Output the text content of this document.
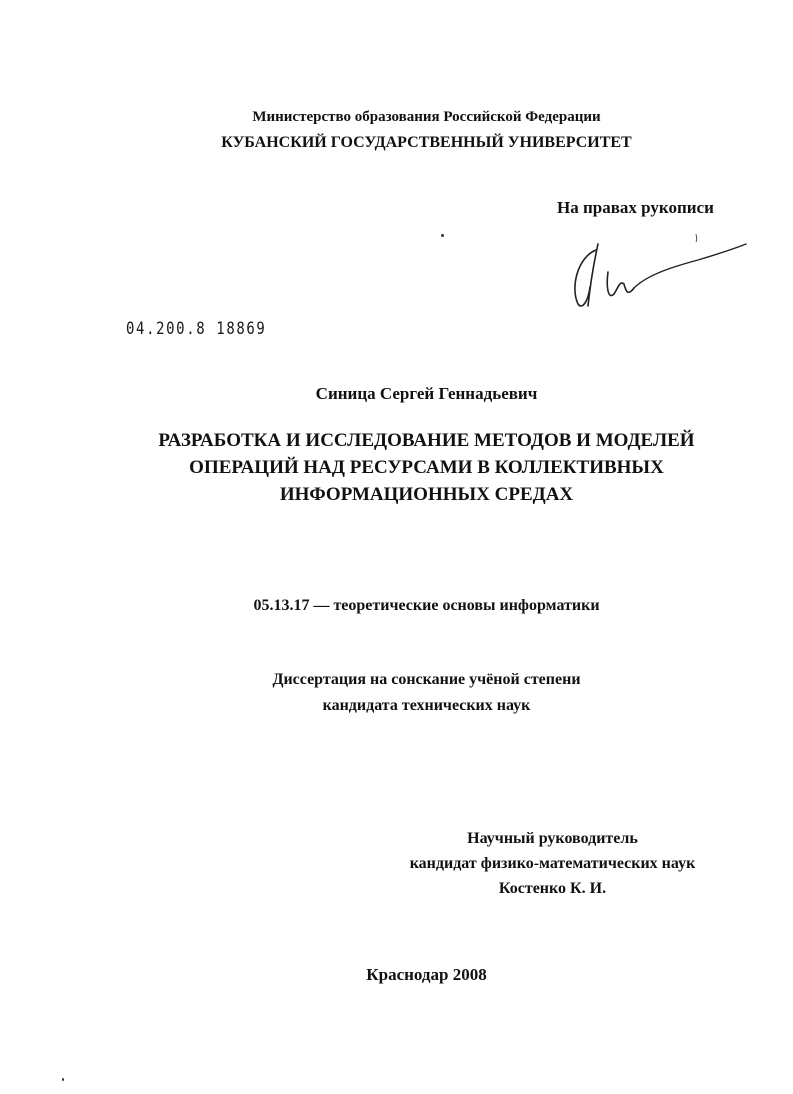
Министерство образования Российской Федерации
КУБАНСКИЙ ГОСУДАРСТВЕННЫЙ УНИВЕРСИТЕТ
На правах рукописи
04.200.8 18869
Синица Сергей Геннадьевич
РАЗРАБОТКА И ИССЛЕДОВАНИЕ МЕТОДОВ И МОДЕЛЕЙ
ОПЕРАЦИЙ НАД РЕСУРСАМИ В КОЛЛЕКТИВНЫХ
ИНФОРМАЦИОННЫХ СРЕДАХ
05.13.17 — теоретические основы информатики
Диссертация на сонскание учёной степени
кандидата технических наук
Научный руководитель
кандидат физико-математических наук
Костенко К. И.
Краснодар 2008
